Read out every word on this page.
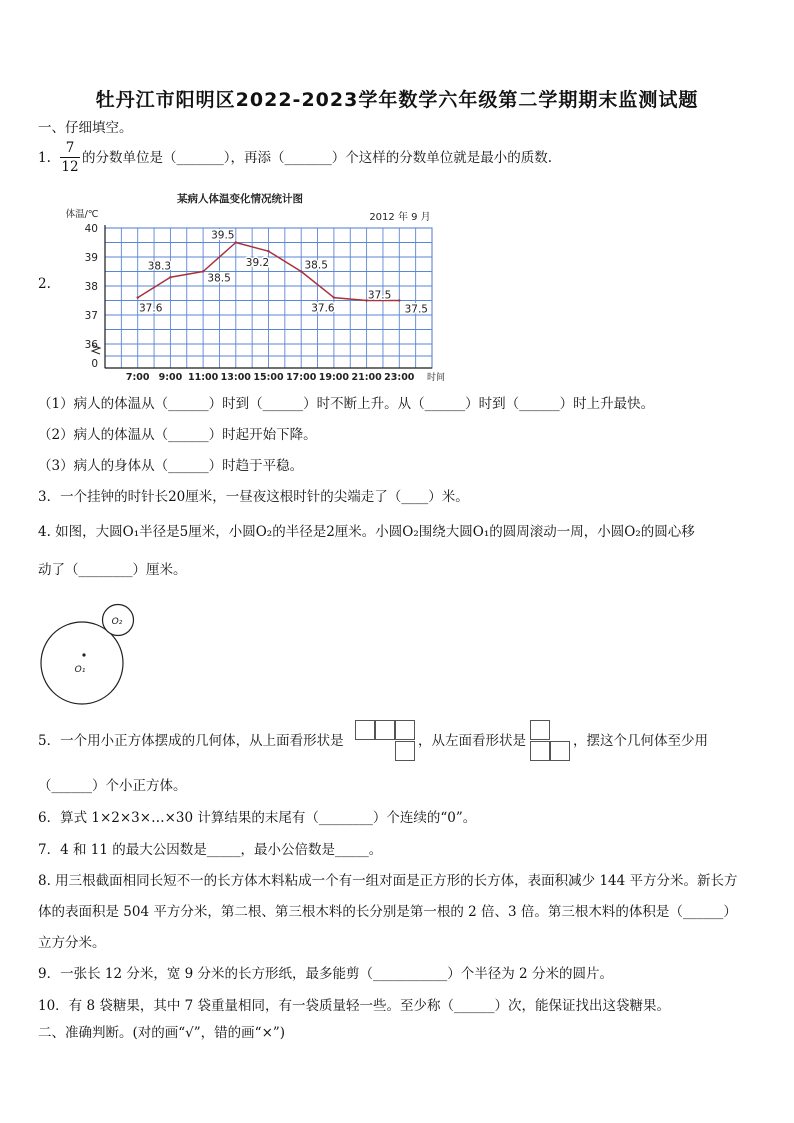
牡丹江市阳明区2022-2023学年数学六年级第二学期期末监测试题
一、仔细填空。
1. $\frac{7}{12}$ 的分数单位是（_______），再添（_______）个这样的分数单位就是最小的质数.
2.
某病人体温变化情况统计图
2012 年 9 月
体温/℃
时间
40
39
38
37
36
0
7:00 9:00 11:00 13:00 15:00 17:00 19:00 21:00 23:00
37.6
38.3
38.5
39.5
39.2	38.5
37.6
37.5
37.5
（1）病人的体温从（______）时到（______）时不断上升。从（______）时到（______）时上升最快。
（2）病人的体温从（______）时起开始下降。
（3）病人的身体从（______）时趋于平稳。
3．一个挂钟的时针长20厘米，一昼夜这根时针的尖端走了（____）米。
4. 如图，大圆O₁半径是5厘米，小圆O₂的半径是2厘米。小圆O₂围绕大圆O₁的圆周滚动一周，小圆O₂的圆心移
动了（________）厘米。
O₁
O₂
5．一个用小正方体摆成的几何体，从上面看形状是	，从左面看形状是	，摆这个几何体至少用
（______）个小正方体。
6．算式 1×2×3×…×30 计算结果的末尾有（________）个连续的“0”。
7．4 和 11 的最大公因数是_____，最小公倍数是_____。
8. 用三根截面相同长短不一的长方体木料粘成一个有一组对面是正方形的长方体，表面积减少 144 平方分米。新长方
体的表面积是 504 平方分米，第二根、第三根木料的长分别是第一根的 2 倍、3 倍。第三根木料的体积是（______）
立方分米。
9．一张长 12 分米，宽 9 分米的长方形纸，最多能剪（___________）个半径为 2 分米的圆片。
10．有 8 袋糖果，其中 7 袋重量相同，有一袋质量轻一些。至少称（______）次，能保证找出这袋糖果。
二、准确判断。(对的画“√”，错的画“×”)
